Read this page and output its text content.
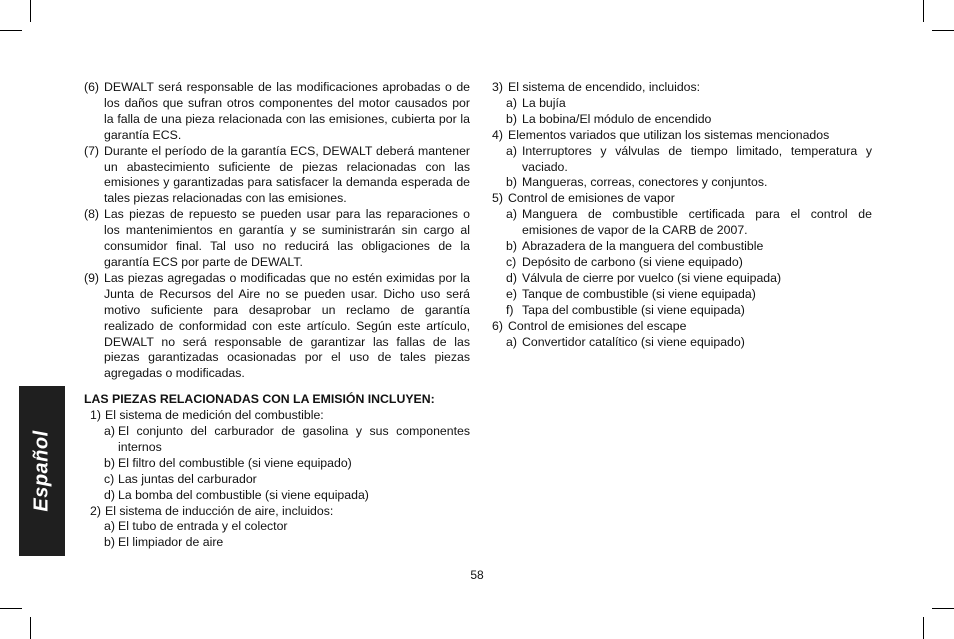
Español
(6) DEWALT será responsable de las modificaciones aprobadas o de los daños que sufran otros componentes del motor causados por la falla de una pieza relacionada con las emisiones, cubierta por la garantía ECS.
(7) Durante el período de la garantía ECS, DEWALT deberá mantener un abastecimiento suficiente de piezas relacionadas con las emisiones y garantizadas para satisfacer la demanda esperada de tales piezas relacionadas con las emisiones.
(8) Las piezas de repuesto se pueden usar para las reparaciones o los mantenimientos en garantía y se suministrarán sin cargo al consumidor final. Tal uso no reducirá las obligaciones de la garantía ECS por parte de DEWALT.
(9) Las piezas agregadas o modificadas que no estén eximidas por la Junta de Recursos del Aire no se pueden usar. Dicho uso será motivo suficiente para desaprobar un reclamo de garantía realizado de conformidad con este artículo. Según este artículo, DEWALT no será responsable de garantizar las fallas de las piezas garantizadas ocasionadas por el uso de tales piezas agregadas o modificadas.
LAS PIEZAS RELACIONADAS CON LA EMISIÓN INCLUYEN:
1) El sistema de medición del combustible:
a) El conjunto del carburador de gasolina y sus componentes internos
b) El filtro del combustible (si viene equipado)
c) Las juntas del carburador
d) La bomba del combustible (si viene equipada)
2) El sistema de inducción de aire, incluidos:
a) El tubo de entrada y el colector
b) El limpiador de aire
3) El sistema de encendido, incluidos:
a) La bujía
b) La bobina/El módulo de encendido
4) Elementos variados que utilizan los sistemas mencionados
a) Interruptores y válvulas de tiempo limitado, temperatura y vaciado.
b) Mangueras, correas, conectores y conjuntos.
5) Control de emisiones de vapor
a) Manguera de combustible certificada para el control de emisiones de vapor de la CARB de 2007.
b) Abrazadera de la manguera del combustible
c) Depósito de carbono (si viene equipado)
d) Válvula de cierre por vuelco (si viene equipada)
e) Tanque de combustible (si viene equipada)
f) Tapa del combustible (si viene equipada)
6) Control de emisiones del escape
a) Convertidor catalítico (si viene equipado)
58
